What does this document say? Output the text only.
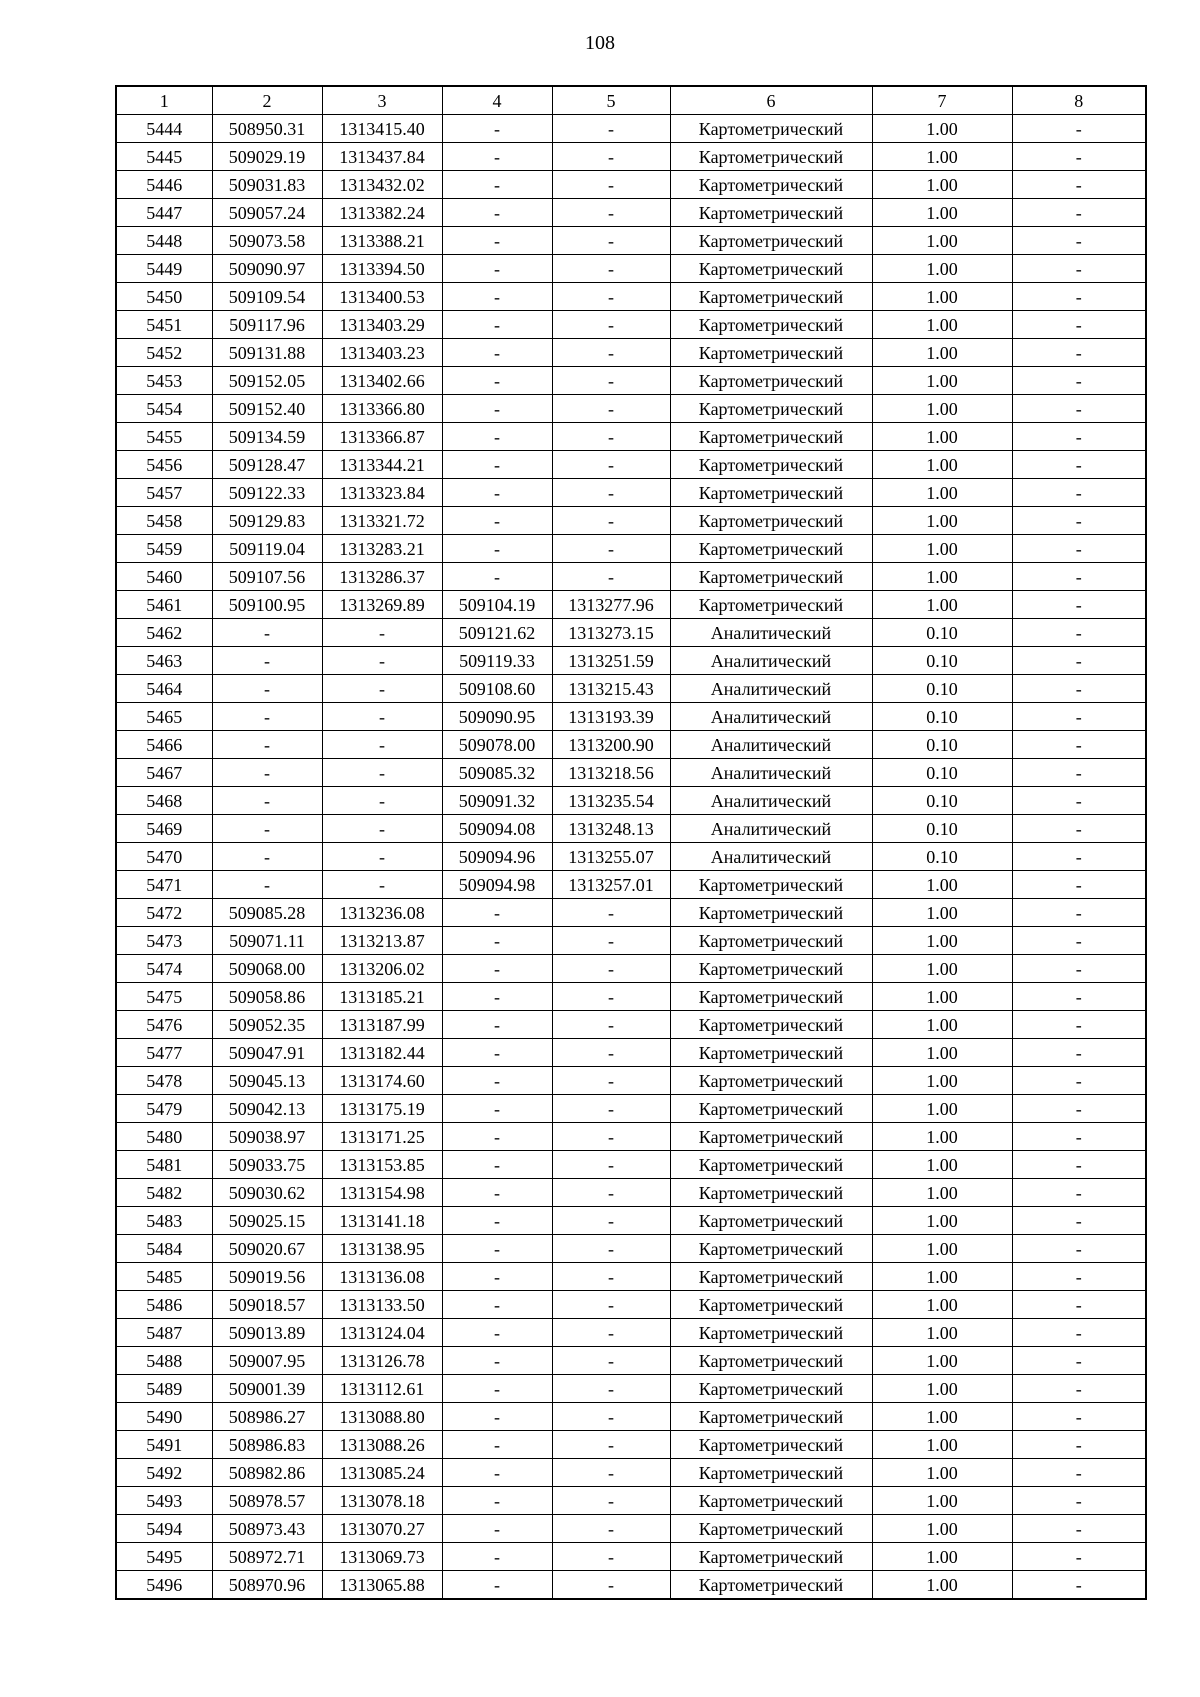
108
1	2	3	4	5	6	7	8
5444	508950.31	1313415.40	-	-	Картометрический	1.00	-
5445	509029.19	1313437.84	-	-	Картометрический	1.00	-
5446	509031.83	1313432.02	-	-	Картометрический	1.00	-
5447	509057.24	1313382.24	-	-	Картометрический	1.00	-
5448	509073.58	1313388.21	-	-	Картометрический	1.00	-
5449	509090.97	1313394.50	-	-	Картометрический	1.00	-
5450	509109.54	1313400.53	-	-	Картометрический	1.00	-
5451	509117.96	1313403.29	-	-	Картометрический	1.00	-
5452	509131.88	1313403.23	-	-	Картометрический	1.00	-
5453	509152.05	1313402.66	-	-	Картометрический	1.00	-
5454	509152.40	1313366.80	-	-	Картометрический	1.00	-
5455	509134.59	1313366.87	-	-	Картометрический	1.00	-
5456	509128.47	1313344.21	-	-	Картометрический	1.00	-
5457	509122.33	1313323.84	-	-	Картометрический	1.00	-
5458	509129.83	1313321.72	-	-	Картометрический	1.00	-
5459	509119.04	1313283.21	-	-	Картометрический	1.00	-
5460	509107.56	1313286.37	-	-	Картометрический	1.00	-
5461	509100.95	1313269.89	509104.19	1313277.96	Картометрический	1.00	-
5462	-	-	509121.62	1313273.15	Аналитический	0.10	-
5463	-	-	509119.33	1313251.59	Аналитический	0.10	-
5464	-	-	509108.60	1313215.43	Аналитический	0.10	-
5465	-	-	509090.95	1313193.39	Аналитический	0.10	-
5466	-	-	509078.00	1313200.90	Аналитический	0.10	-
5467	-	-	509085.32	1313218.56	Аналитический	0.10	-
5468	-	-	509091.32	1313235.54	Аналитический	0.10	-
5469	-	-	509094.08	1313248.13	Аналитический	0.10	-
5470	-	-	509094.96	1313255.07	Аналитический	0.10	-
5471	-	-	509094.98	1313257.01	Картометрический	1.00	-
5472	509085.28	1313236.08	-	-	Картометрический	1.00	-
5473	509071.11	1313213.87	-	-	Картометрический	1.00	-
5474	509068.00	1313206.02	-	-	Картометрический	1.00	-
5475	509058.86	1313185.21	-	-	Картометрический	1.00	-
5476	509052.35	1313187.99	-	-	Картометрический	1.00	-
5477	509047.91	1313182.44	-	-	Картометрический	1.00	-
5478	509045.13	1313174.60	-	-	Картометрический	1.00	-
5479	509042.13	1313175.19	-	-	Картометрический	1.00	-
5480	509038.97	1313171.25	-	-	Картометрический	1.00	-
5481	509033.75	1313153.85	-	-	Картометрический	1.00	-
5482	509030.62	1313154.98	-	-	Картометрический	1.00	-
5483	509025.15	1313141.18	-	-	Картометрический	1.00	-
5484	509020.67	1313138.95	-	-	Картометрический	1.00	-
5485	509019.56	1313136.08	-	-	Картометрический	1.00	-
5486	509018.57	1313133.50	-	-	Картометрический	1.00	-
5487	509013.89	1313124.04	-	-	Картометрический	1.00	-
5488	509007.95	1313126.78	-	-	Картометрический	1.00	-
5489	509001.39	1313112.61	-	-	Картометрический	1.00	-
5490	508986.27	1313088.80	-	-	Картометрический	1.00	-
5491	508986.83	1313088.26	-	-	Картометрический	1.00	-
5492	508982.86	1313085.24	-	-	Картометрический	1.00	-
5493	508978.57	1313078.18	-	-	Картометрический	1.00	-
5494	508973.43	1313070.27	-	-	Картометрический	1.00	-
5495	508972.71	1313069.73	-	-	Картометрический	1.00	-
5496	508970.96	1313065.88	-	-	Картометрический	1.00	-
